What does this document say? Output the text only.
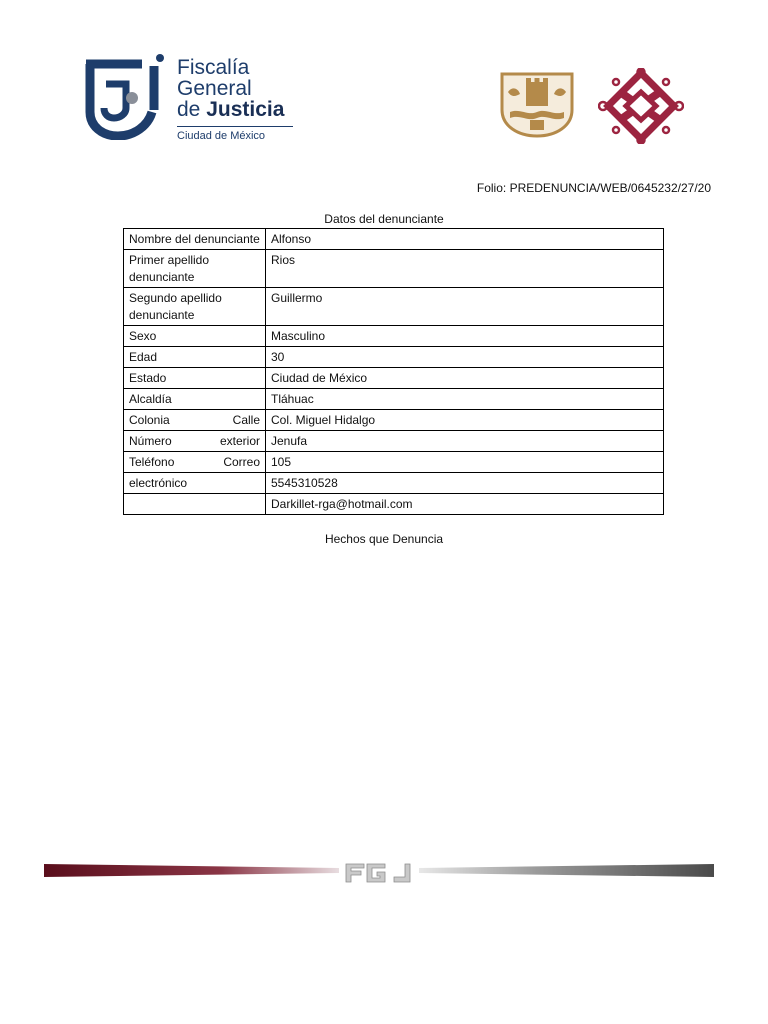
Fiscalía
General
de Justicia
Ciudad de México
Folio: PREDENUNCIA/WEB/0645232/27/20
Datos del denunciante
Nombre del denunciante	Alfonso
Primer apellido denunciante	Rios
Segundo apellido denunciante	Guillermo
Sexo	Masculino
Edad	30
Estado	Ciudad de México
Alcaldía	Tláhuac
Colonia Calle	Col. Miguel Hidalgo
Número exterior	Jenufa
Teléfono Correo	105
electrónico	5545310528
	Darkillet-rga@hotmail.com
Hechos que Denuncia
